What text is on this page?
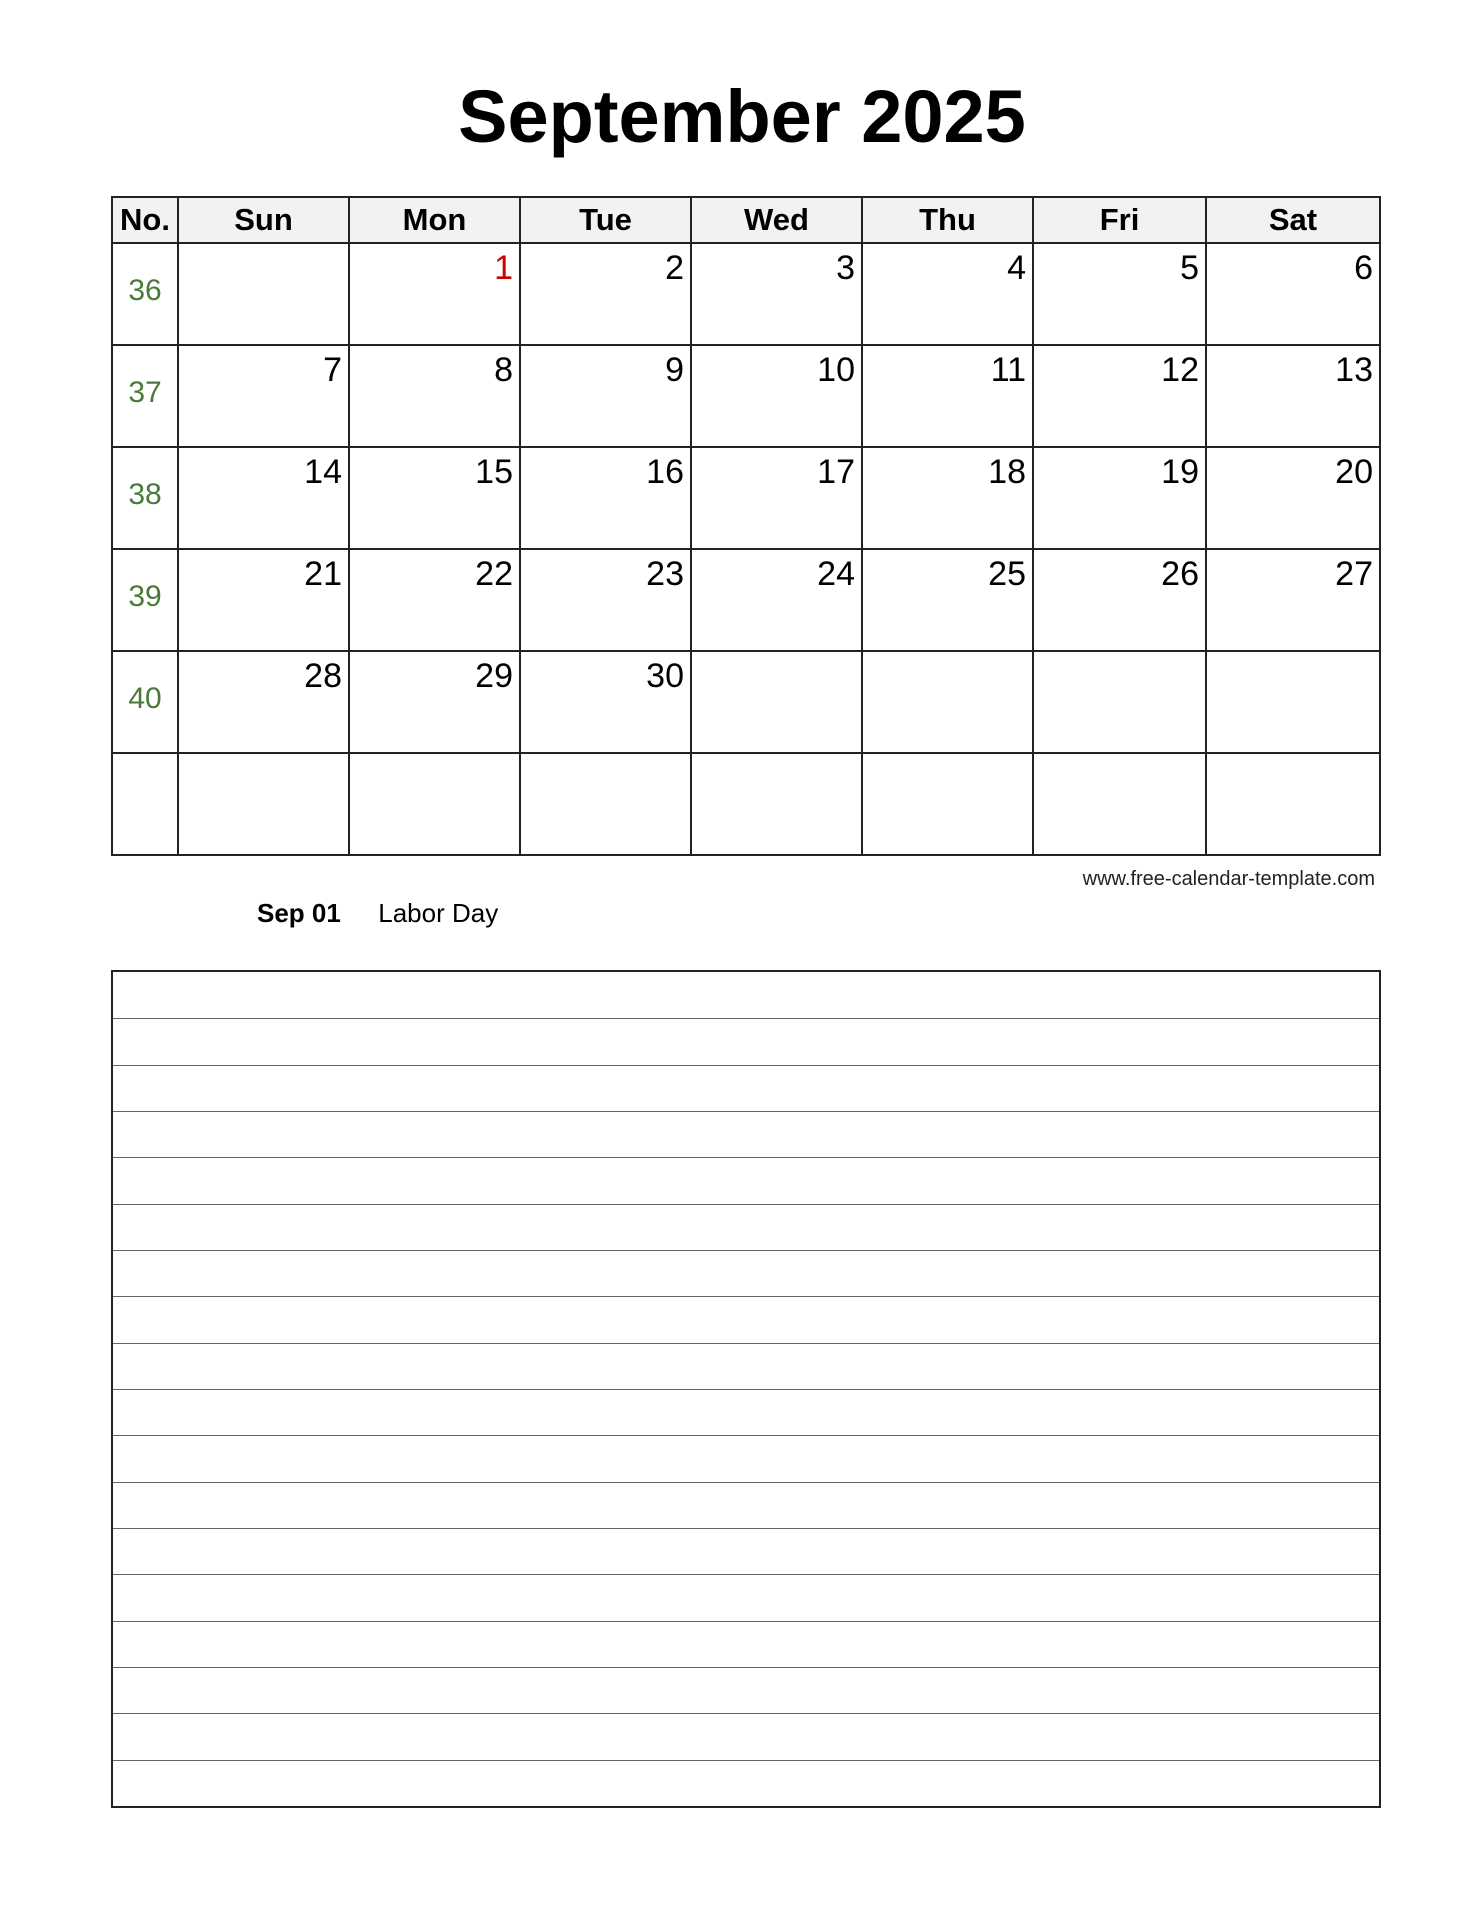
September 2025
No.	Sun	Mon	Tue	Wed	Thu	Fri	Sat

36		1	2	3	4	5	6

37	7	8	9	10	11	12	13

38	14	15	16	17	18	19	20

39	21	22	23	24	25	26	27

40	28	29	30				

www.free-calendar-template.com
Sep 01 Labor Day
